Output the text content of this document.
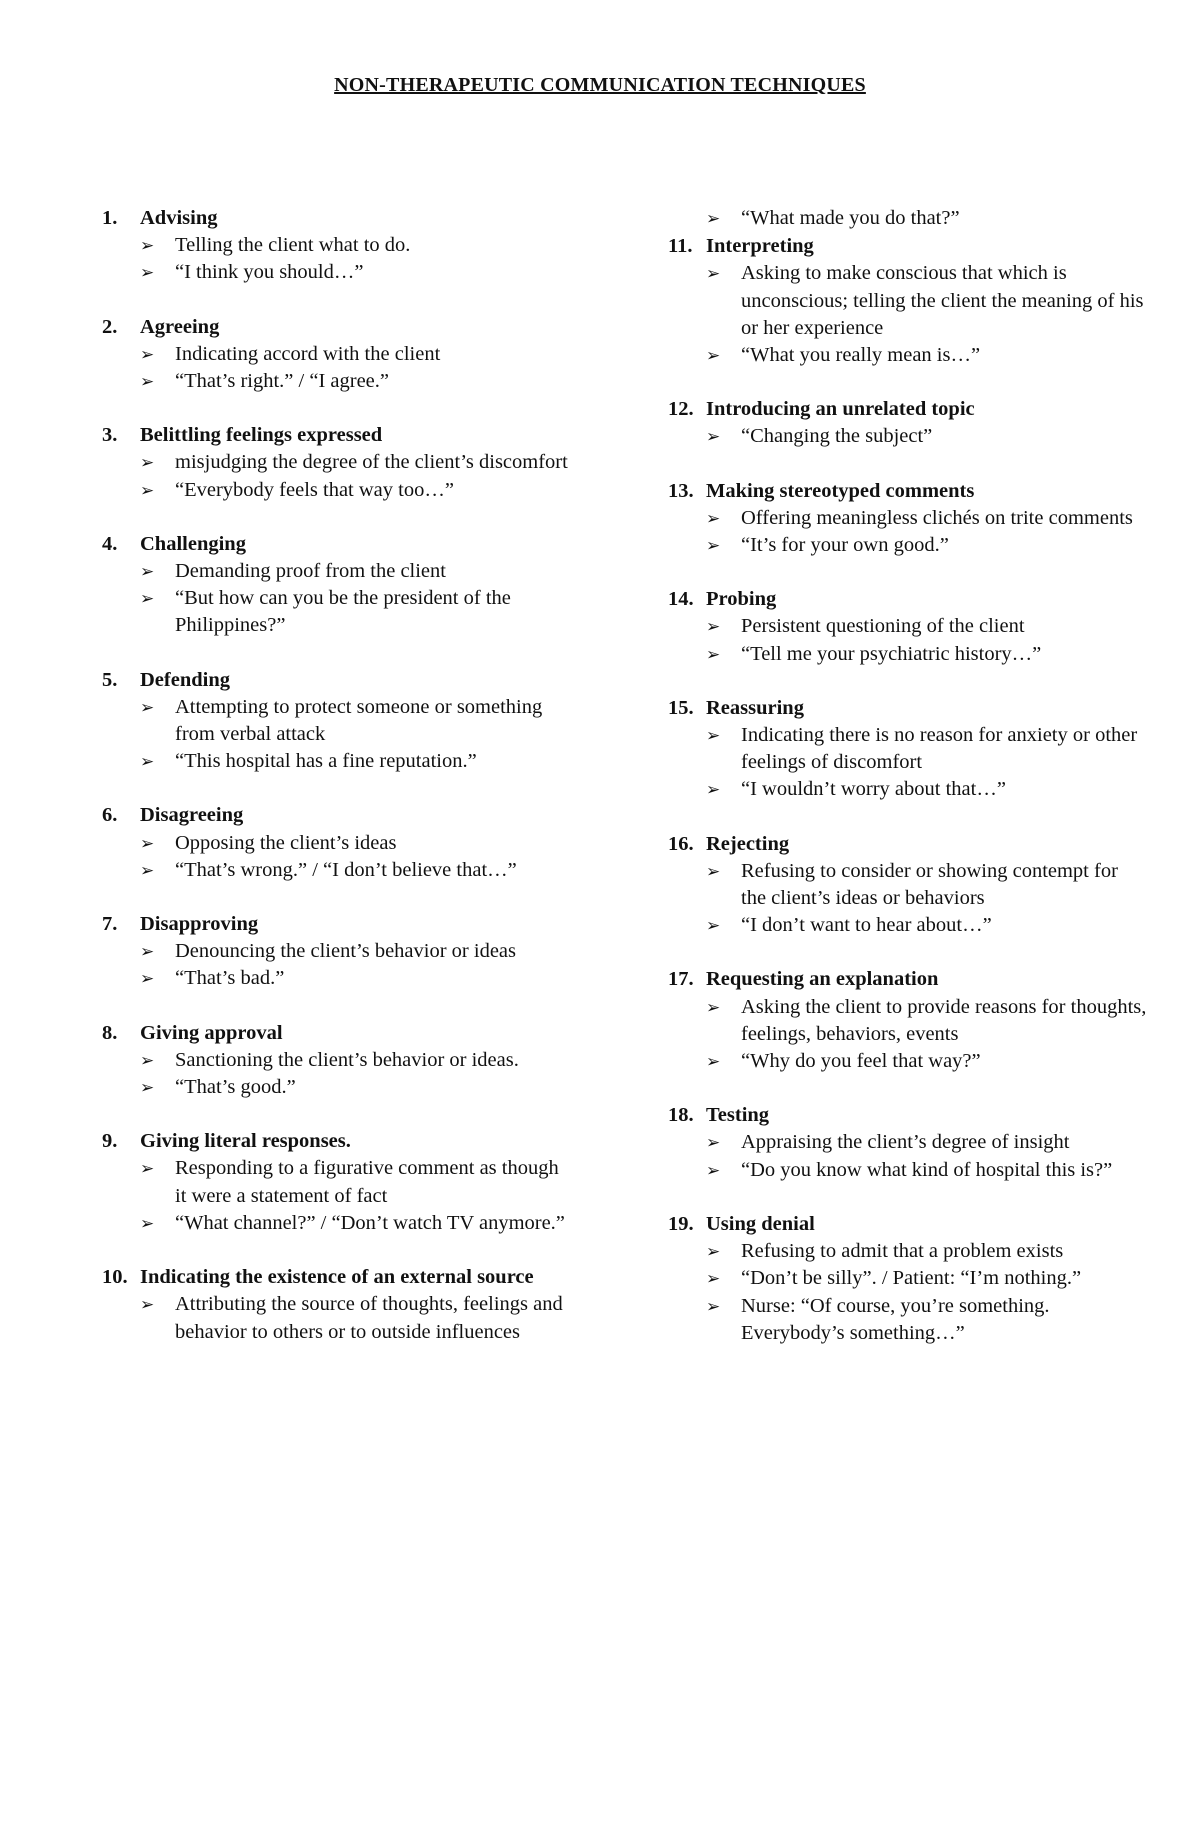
NON-THERAPEUTIC COMMUNICATION TECHNIQUES
1.	Advising
➢	Telling the client what to do.
➢	“I think you should…”
2.	Agreeing
➢	Indicating accord with the client
➢	“That’s right.” / “I agree.”
3.	Belittling feelings expressed
➢	misjudging the degree of the client’s discomfort
➢	“Everybody feels that way too…”
4.	Challenging
➢	Demanding proof from the client
➢	“But how can you be the president of the Philippines?”
5.	Defending
➢	Attempting to protect someone or something from verbal attack
➢	“This hospital has a fine reputation.”
6.	Disagreeing
➢	Opposing the client’s ideas
➢	“That’s wrong.” / “I don’t believe that…”
7.	Disapproving
➢	Denouncing the client’s behavior or ideas
➢	“That’s bad.”
8.	Giving approval
➢	Sanctioning the client’s behavior or ideas.
➢	“That’s good.”
9.	Giving literal responses.
➢	Responding to a figurative comment as though it were a statement of fact
➢	“What channel?” / “Don’t watch TV anymore.”
10. Indicating the existence of an external source
➢	Attributing the source of thoughts, feelings and behavior to others or to outside influences
➢	“What made you do that?”
11. Interpreting
➢	Asking to make conscious that which is unconscious; telling the client the meaning of his or her experience
➢	“What you really mean is…”
12. Introducing an unrelated topic
➢	“Changing the subject”
13. Making stereotyped comments
➢	Offering meaningless clichés on trite comments
➢	“It’s for your own good.”
14. Probing
➢	Persistent questioning of the client
➢	“Tell me your psychiatric history…”
15. Reassuring
➢	Indicating there is no reason for anxiety or other feelings of discomfort
➢	“I wouldn’t worry about that…”
16. Rejecting
➢	Refusing to consider or showing contempt for the client’s ideas or behaviors
➢	“I don’t want to hear about…”
17. Requesting an explanation
➢	Asking the client to provide reasons for thoughts, feelings, behaviors, events
➢	“Why do you feel that way?”
18. Testing
➢	Appraising the client’s degree of insight
➢	“Do you know what kind of hospital this is?”
19. Using denial
➢	Refusing to admit that a problem exists
➢	“Don’t be silly”. / Patient: “I’m nothing.”
➢	Nurse: “Of course, you’re something. Everybody’s something…”
